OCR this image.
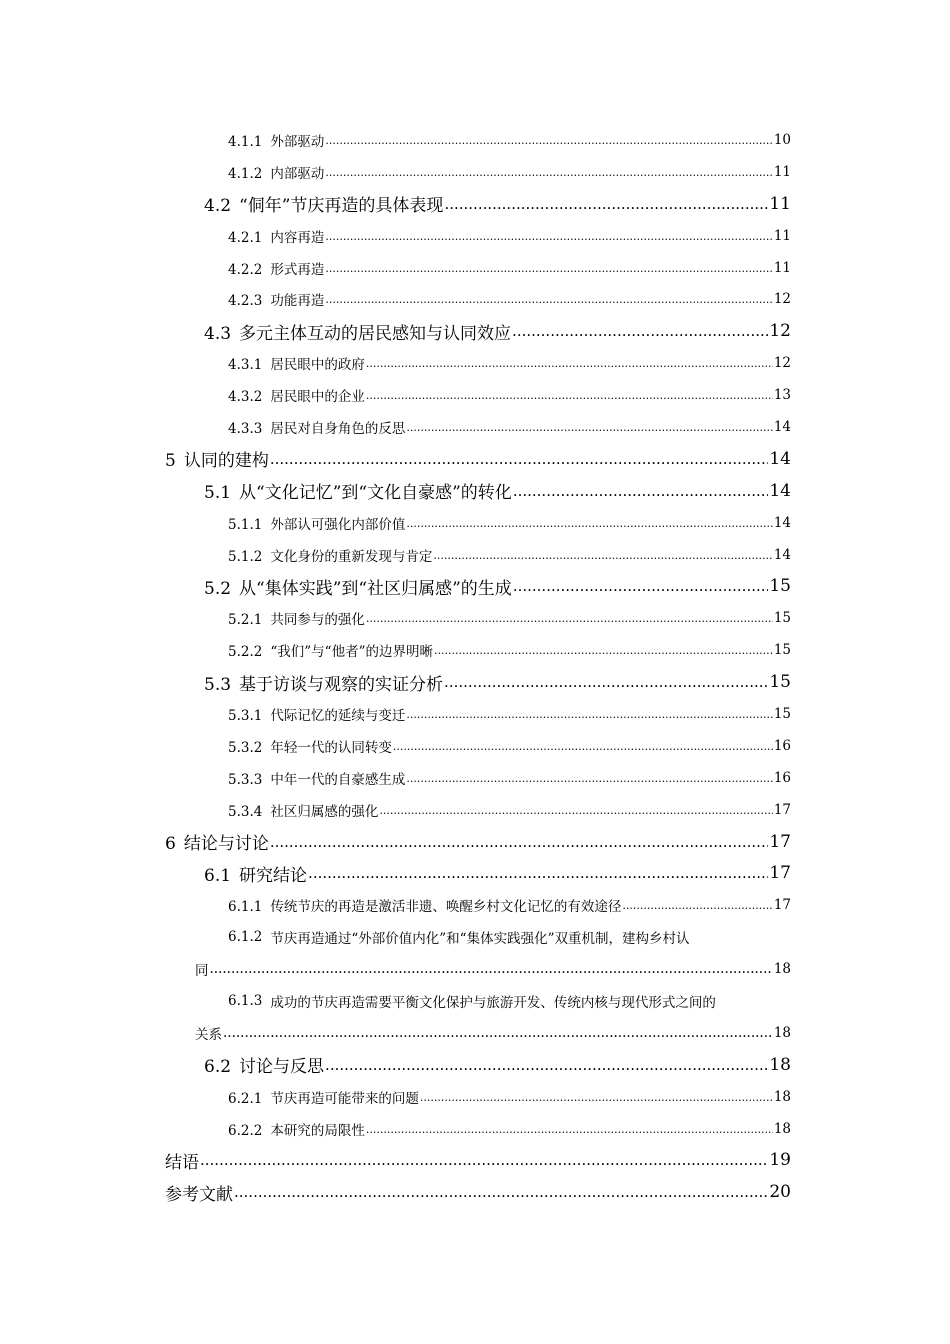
4.1.1 外部驱动 .....	10
4.1.2 内部驱动 .....	11
4.2 “侗年”节庆再造的具体表现 .....	11
4.2.1 内容再造 .....	11
4.2.2 形式再造 .....	11
4.2.3 功能再造 .....	12
4.3 多元主体互动的居民感知与认同效应 .....	12
4.3.1 居民眼中的政府 .....	12
4.3.2 居民眼中的企业 .....	13
4.3.3 居民对自身角色的反思 .....	14
5 认同的建构 .....	14
5.1 从“文化记忆”到“文化自豪感”的转化 .....	14
5.1.1 外部认可强化内部价值 .....	14
5.1.2 文化身份的重新发现与肯定 .....	14
5.2 从“集体实践”到“社区归属感”的生成 .....	15
5.2.1 共同参与的强化 .....	15
5.2.2 “我们”与“他者”的边界明晰 .....	15
5.3 基于访谈与观察的实证分析 .....	15
5.3.1 代际记忆的延续与变迁 .....	15
5.3.2 年轻一代的认同转变 .....	16
5.3.3 中年一代的自豪感生成 .....	16
5.3.4 社区归属感的强化 .....	17
6 结论与讨论 .....	17
6.1 研究结论 .....	17
6.1.1 传统节庆的再造是激活非遗、唤醒乡村文化记忆的有效途径 .....	17
6.1.2 节庆再造通过“外部价值内化”和“集体实践强化”双重机制，建构乡村认
同 .....	18
6.1.3 成功的节庆再造需要平衡文化保护与旅游开发、传统内核与现代形式之间的
关系 .....	18
6.2 讨论与反思 .....	18
6.2.1 节庆再造可能带来的问题 .....	18
6.2.2 本研究的局限性 .....	18
结语 .....	19
参考文献 .....	20
